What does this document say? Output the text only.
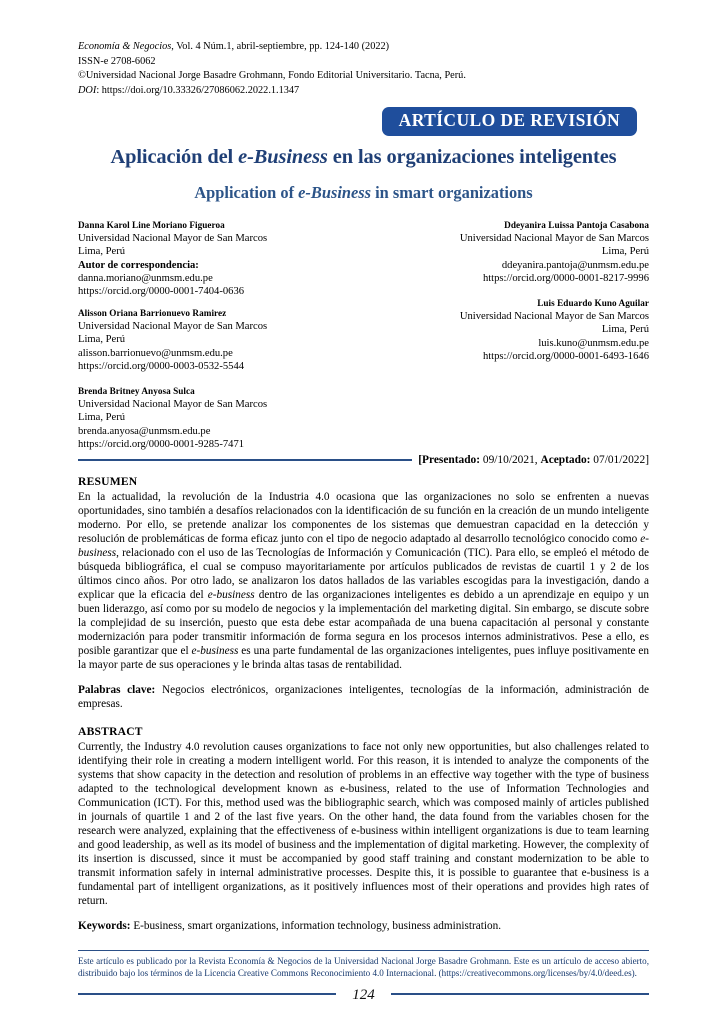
Economía & Negocios, Vol. 4 Núm.1, abril-septiembre, pp. 124-140 (2022)
ISSN-e 2708-6062
©Universidad Nacional Jorge Basadre Grohmann, Fondo Editorial Universitario. Tacna, Perú.
DOI: https://doi.org/10.33326/27086062.2022.1.1347
ARTÍCULO DE REVISIÓN
Aplicación del e-Business en las organizaciones inteligentes
Application of e-Business in smart organizations
Danna Karol Line Moriano Figueroa
Universidad Nacional Mayor de San Marcos
Lima, Perú
Autor de correspondencia:
danna.moriano@unmsm.edu.pe
https://orcid.org/0000-0001-7404-0636
Ddeyanira Luissa Pantoja Casabona
Universidad Nacional Mayor de San Marcos
Lima, Perú
ddeyanira.pantoja@unmsm.edu.pe
https://orcid.org/0000-0001-8217-9996
Alisson Oriana Barrionuevo Ramirez
Universidad Nacional Mayor de San Marcos
Lima, Perú
alisson.barrionuevo@unmsm.edu.pe
https://orcid.org/0000-0003-0532-5544
Luis Eduardo Kuno Aguilar
Universidad Nacional Mayor de San Marcos
Lima, Perú
luis.kuno@unmsm.edu.pe
https://orcid.org/0000-0001-6493-1646
Brenda Britney Anyosa Sulca
Universidad Nacional Mayor de San Marcos
Lima, Perú
brenda.anyosa@unmsm.edu.pe
https://orcid.org/0000-0001-9285-7471
[Presentado: 09/10/2021, Aceptado: 07/01/2022]
RESUMEN

En la actualidad, la revolución de la Industria 4.0 ocasiona que las organizaciones no solo se enfrenten a nuevas oportunidades, sino también a desafíos relacionados con la identificación de su función en la creación de un mundo inteligente moderno. Por ello, se pretende analizar los componentes de los sistemas que demuestran capacidad en la detección y resolución de problemáticas de forma eficaz junto con el tipo de negocio adaptado al desarrollo tecnológico conocido como e-business, relacionado con el uso de las Tecnologías de Información y Comunicación (TIC). Para ello, se empleó el método de búsqueda bibliográfica, el cual se compuso mayoritariamente por artículos publicados de revistas de cuartil 1 y 2 de los últimos cinco años. Por otro lado, se analizaron los datos hallados de las variables escogidas para la investigación, dando a explicar que la eficacia del e-business dentro de las organizaciones inteligentes es debido a un aprendizaje en equipo y un buen liderazgo, así como por su modelo de negocios y la implementación del marketing digital. Sin embargo, se discute sobre la complejidad de su inserción, puesto que esta debe estar acompañada de una buena capacitación al personal y constante modernización para poder transmitir información de forma segura en los procesos internos administrativos. Pese a ello, es posible garantizar que el e-business es una parte fundamental de las organizaciones inteligentes, pues influye positivamente en la mayor parte de sus operaciones y le brinda altas tasas de rentabilidad.

Palabras clave: Negocios electrónicos, organizaciones inteligentes, tecnologías de la información, administración de empresas.
ABSTRACT

Currently, the Industry 4.0 revolution causes organizations to face not only new opportunities, but also challenges related to identifying their role in creating a modern intelligent world. For this reason, it is intended to analyze the components of the systems that show capacity in the detection and resolution of problems in an effective way together with the type of business adapted to the technological development known as e-business, related to the use of Information Technologies and Communication (ICT). For this, method used was the bibliographic search, which was composed mainly of articles published in journals of quartile 1 and 2 of the last five years. On the other hand, the data found from the variables chosen for the research were analyzed, explaining that the effectiveness of e-business within intelligent organizations is due to team learning and good leadership, as well as its model of business and the implementation of digital marketing. However, the complexity of its insertion is discussed, since it must be accompanied by good staff training and constant modernization to be able to transmit information safely in internal administrative processes. Despite this, it is possible to guarantee that e-business is a fundamental part of intelligent organizations, as it positively influences most of their operations and provides high rates of return.

Keywords: E-business, smart organizations, information technology, business administration.
Este artículo es publicado por la Revista Economía & Negocios de la Universidad Nacional Jorge Basadre Grohmann. Este es un artículo de acceso abierto, distribuido bajo los términos de la Licencia Creative Commons Reconocimiento 4.0 Internacional. (https://creativecommons.org/licenses/by/4.0/deed.es).
124
